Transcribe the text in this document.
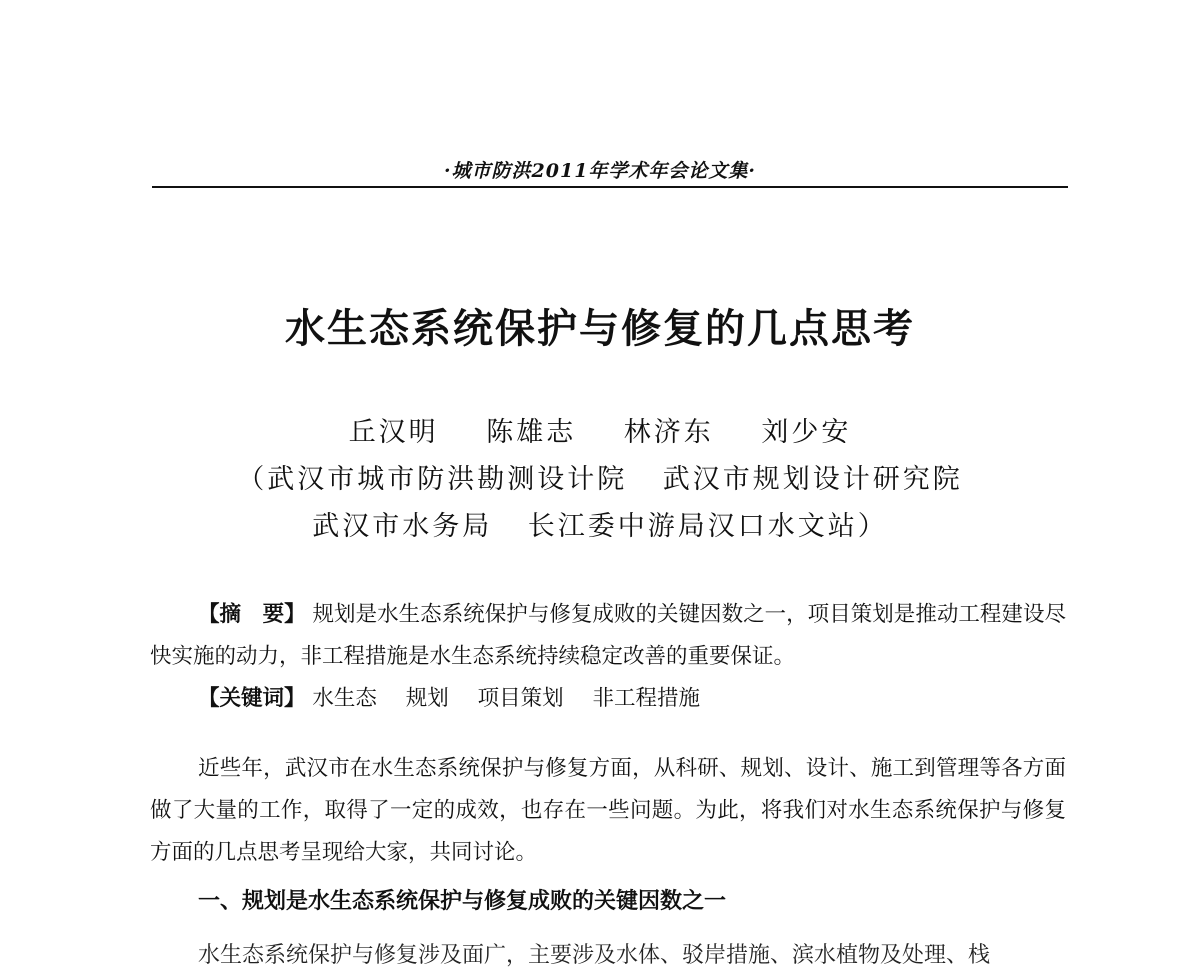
·城市防洪2011年学术年会论文集·
水生态系统保护与修复的几点思考
丘汉明 陈雄志 林济东 刘少安
（武汉市城市防洪勘测设计院 武汉市规划设计研究院
武汉市水务局 长江委中游局汉口水文站）
【摘　要】 规划是水生态系统保护与修复成败的关键因数之一，项目策划是推动工程建设尽快实施的动力，非工程措施是水生态系统持续稳定改善的重要保证。
【关键词】 水生态 规划 项目策划 非工程措施
近些年，武汉市在水生态系统保护与修复方面，从科研、规划、设计、施工到管理等各方面做了大量的工作，取得了一定的成效，也存在一些问题。为此，将我们对水生态系统保护与修复方面的几点思考呈现给大家，共同讨论。
一、规划是水生态系统保护与修复成败的关键因数之一
水生态系统保护与修复涉及面广，主要涉及水体、驳岸措施、滨水植物及处理、栈
